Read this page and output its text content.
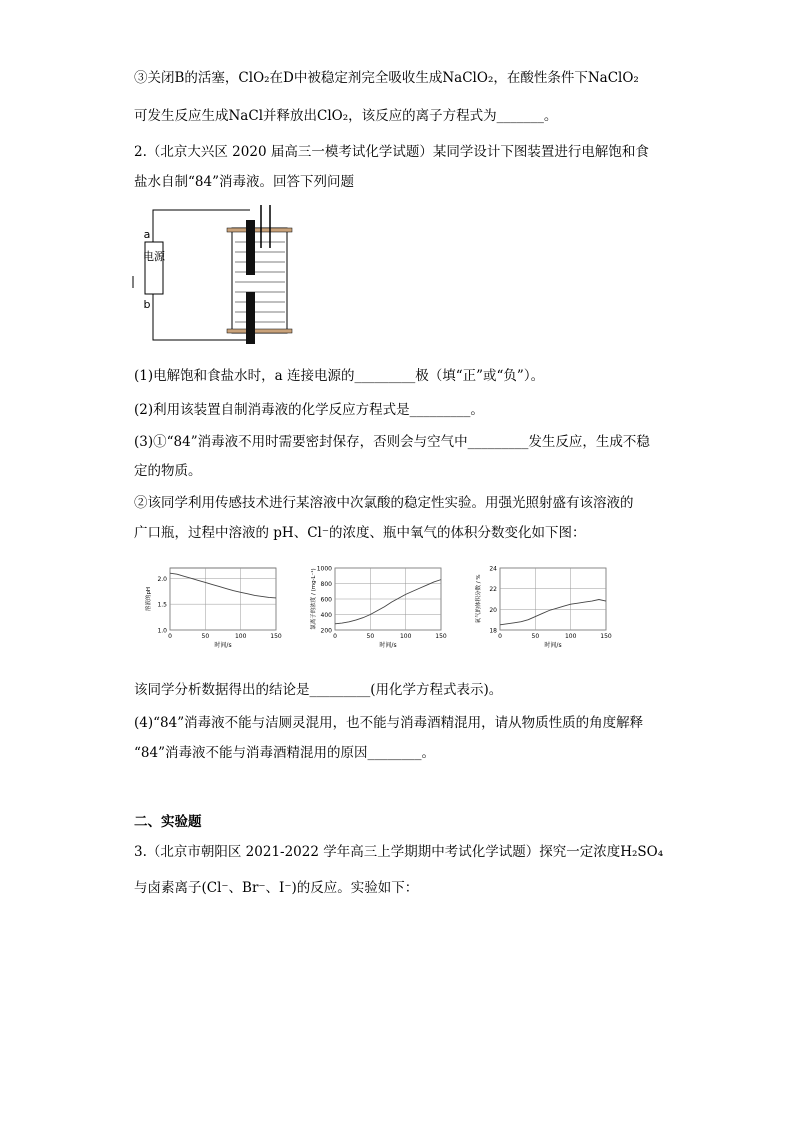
③关闭B的活塞，ClO₂在D中被稳定剂完全吸收生成NaClO₂，在酸性条件下NaClO₂
可发生反应生成NaCl并释放出ClO₂，该反应的离子方程式为_______。
2.（北京大兴区 2020 届高三一模考试化学试题）某同学设计下图装置进行电解饱和食
盐水自制“84”消毒液。回答下列问题
电源
a
b
(1)电解饱和食盐水时，a 连接电源的_________极（填“正”或“负”）。
(2)利用该装置自制消毒液的化学反应方程式是_________。
(3)①“84”消毒液不用时需要密封保存，否则会与空气中_________发生反应，生成不稳
定的物质。
②该同学利用传感技术进行某溶液中次氯酸的稳定性实验。用强光照射盛有该溶液的
广口瓶，过程中溶液的 pH、Cl⁻的浓度、瓶中氧气的体积分数变化如下图：
1.0
1.5
2.0
0	50	100	150
时间/s
溶液的pH
200
400
600
800
1000
0	50	100	150
时间/s
氯离子的浓度 / (mg·L⁻¹)
18
20
22
24
0	50	100	150
时间/s
氧气的体积分数 / %
该同学分析数据得出的结论是_________(用化学方程式表示)。
(4)“84”消毒液不能与洁厕灵混用，也不能与消毒酒精混用，请从物质性质的角度解释
“84”消毒液不能与消毒酒精混用的原因________。
二、实验题
3.（北京市朝阳区 2021-2022 学年高三上学期期中考试化学试题）探究一定浓度H₂SO₄
与卤素离子(Cl⁻、Br⁻、I⁻)的反应。实验如下：
